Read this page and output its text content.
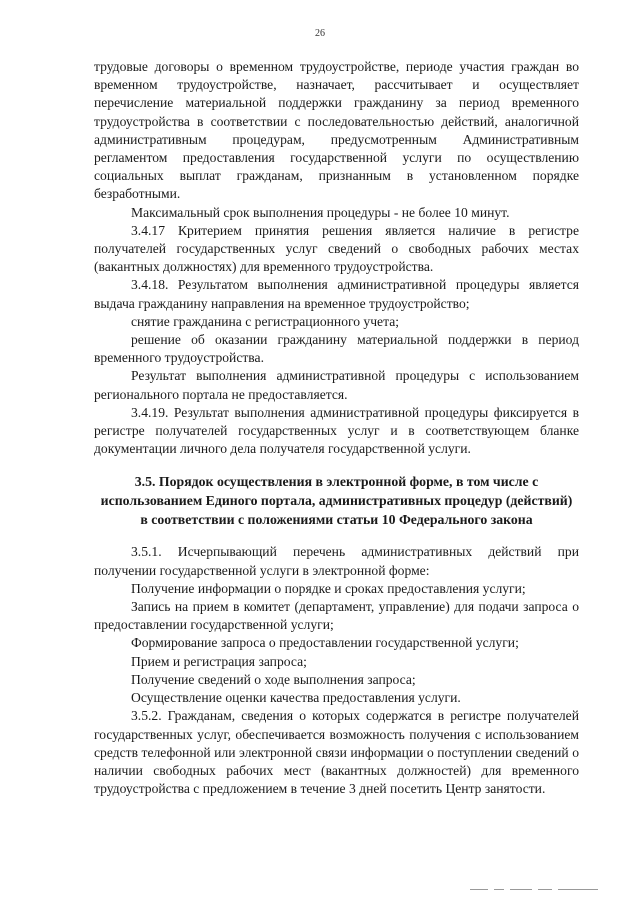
26

трудовые договоры о временном трудоустройстве, периоде участия граждан во временном трудоустройстве, назначает, рассчитывает и осуществляет перечисление материальной поддержки гражданину за период временного трудоустройства в соответствии с последовательностью действий, аналогичной административным процедурам, предусмотренным Административным регламентом предоставления государственной услуги по осуществлению социальных выплат гражданам, признанным в установленном порядке безработными.

Максимальный срок выполнения процедуры - не более 10 минут.

3.4.17 Критерием принятия решения является наличие в регистре получателей государственных услуг сведений о свободных рабочих местах (вакантных должностях) для временного трудоустройства.

3.4.18. Результатом выполнения административной процедуры является выдача гражданину направления на временное трудоустройство;

снятие гражданина с регистрационного учета;

решение об оказании гражданину материальной поддержки в период временного трудоустройства.

Результат выполнения административной процедуры с использованием регионального портала не предоставляется.

3.4.19. Результат выполнения административной процедуры фиксируется в регистре получателей государственных услуг и в соответствующем бланке документации личного дела получателя государственной услуги.

3.5. Порядок осуществления в электронной форме, в том числе с использованием Единого портала, административных процедур (действий) в соответствии с положениями статьи 10 Федерального закона

3.5.1. Исчерпывающий перечень административных действий при получении государственной услуги в электронной форме:

Получение информации о порядке и сроках предоставления услуги;

Запись на прием в комитет (департамент, управление) для подачи запроса о предоставлении государственной услуги;

Формирование запроса о предоставлении государственной услуги;

Прием и регистрация запроса;

Получение сведений о ходе выполнения запроса;

Осуществление оценки качества предоставления услуги.

3.5.2. Гражданам, сведения о которых содержатся в регистре получателей государственных услуг, обеспечивается возможность получения с использованием средств телефонной или электронной связи информации о поступлении сведений о наличии свободных рабочих мест (вакантных должностей) для временного трудоустройства с предложением в течение 3 дней посетить Центр занятости.
